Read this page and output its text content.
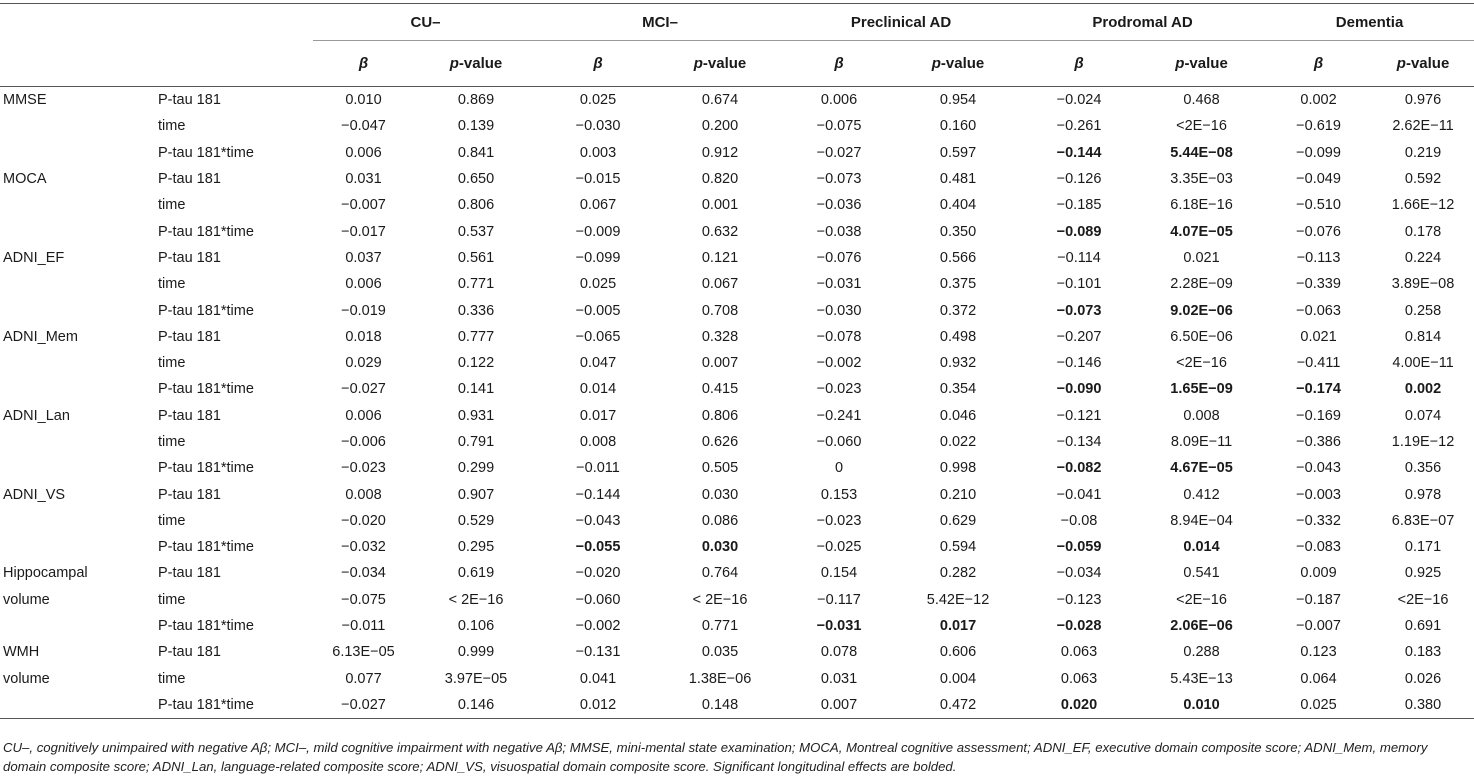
		CU–		MCI–		Preclinical AD		Prodromal AD		Dementia	
		β	p-value	β	p-value	β	p-value	β	p-value	β	p-value
MMSE	P-tau 181	0.010	0.869	0.025	0.674	0.006	0.954	−0.024	0.468	0.002	0.976
	time	−0.047	0.139	−0.030	0.200	−0.075	0.160	−0.261	<2E−16	−0.619	2.62E−11
	P-tau 181*time	0.006	0.841	0.003	0.912	−0.027	0.597	−0.144	5.44E−08	−0.099	0.219
MOCA	P-tau 181	0.031	0.650	−0.015	0.820	−0.073	0.481	−0.126	3.35E−03	−0.049	0.592
	time	−0.007	0.806	0.067	0.001	−0.036	0.404	−0.185	6.18E−16	−0.510	1.66E−12
	P-tau 181*time	−0.017	0.537	−0.009	0.632	−0.038	0.350	−0.089	4.07E−05	−0.076	0.178
ADNI_EF	P-tau 181	0.037	0.561	−0.099	0.121	−0.076	0.566	−0.114	0.021	−0.113	0.224
	time	0.006	0.771	0.025	0.067	−0.031	0.375	−0.101	2.28E−09	−0.339	3.89E−08
	P-tau 181*time	−0.019	0.336	−0.005	0.708	−0.030	0.372	−0.073	9.02E−06	−0.063	0.258
ADNI_Mem	P-tau 181	0.018	0.777	−0.065	0.328	−0.078	0.498	−0.207	6.50E−06	0.021	0.814
	time	0.029	0.122	0.047	0.007	−0.002	0.932	−0.146	<2E−16	−0.411	4.00E−11
	P-tau 181*time	−0.027	0.141	0.014	0.415	−0.023	0.354	−0.090	1.65E−09	−0.174	0.002
ADNI_Lan	P-tau 181	0.006	0.931	0.017	0.806	−0.241	0.046	−0.121	0.008	−0.169	0.074
	time	−0.006	0.791	0.008	0.626	−0.060	0.022	−0.134	8.09E−11	−0.386	1.19E−12
	P-tau 181*time	−0.023	0.299	−0.011	0.505	0	0.998	−0.082	4.67E−05	−0.043	0.356
ADNI_VS	P-tau 181	0.008	0.907	−0.144	0.030	0.153	0.210	−0.041	0.412	−0.003	0.978
	time	−0.020	0.529	−0.043	0.086	−0.023	0.629	−0.08	8.94E−04	−0.332	6.83E−07
	P-tau 181*time	−0.032	0.295	−0.055	0.030	−0.025	0.594	−0.059	0.014	−0.083	0.171
Hippocampal	P-tau 181	−0.034	0.619	−0.020	0.764	0.154	0.282	−0.034	0.541	0.009	0.925
volume	time	−0.075	< 2E−16	−0.060	< 2E−16	−0.117	5.42E−12	−0.123	<2E−16	−0.187	<2E−16
	P-tau 181*time	−0.011	0.106	−0.002	0.771	−0.031	0.017	−0.028	2.06E−06	−0.007	0.691
WMH	P-tau 181	6.13E−05	0.999	−0.131	0.035	0.078	0.606	0.063	0.288	0.123	0.183
volume	time	0.077	3.97E−05	0.041	1.38E−06	0.031	0.004	0.063	5.43E−13	0.064	0.026
	P-tau 181*time	−0.027	0.146	0.012	0.148	0.007	0.472	0.020	0.010	0.025	0.380
CU–, cognitively unimpaired with negative Aβ; MCI–, mild cognitive impairment with negative Aβ; MMSE, mini-mental state examination; MOCA, Montreal cognitive assessment; ADNI_EF, executive domain composite score; ADNI_Mem, memory domain composite score; ADNI_Lan, language-related composite score; ADNI_VS, visuospatial domain composite score. Significant longitudinal effects are bolded.
